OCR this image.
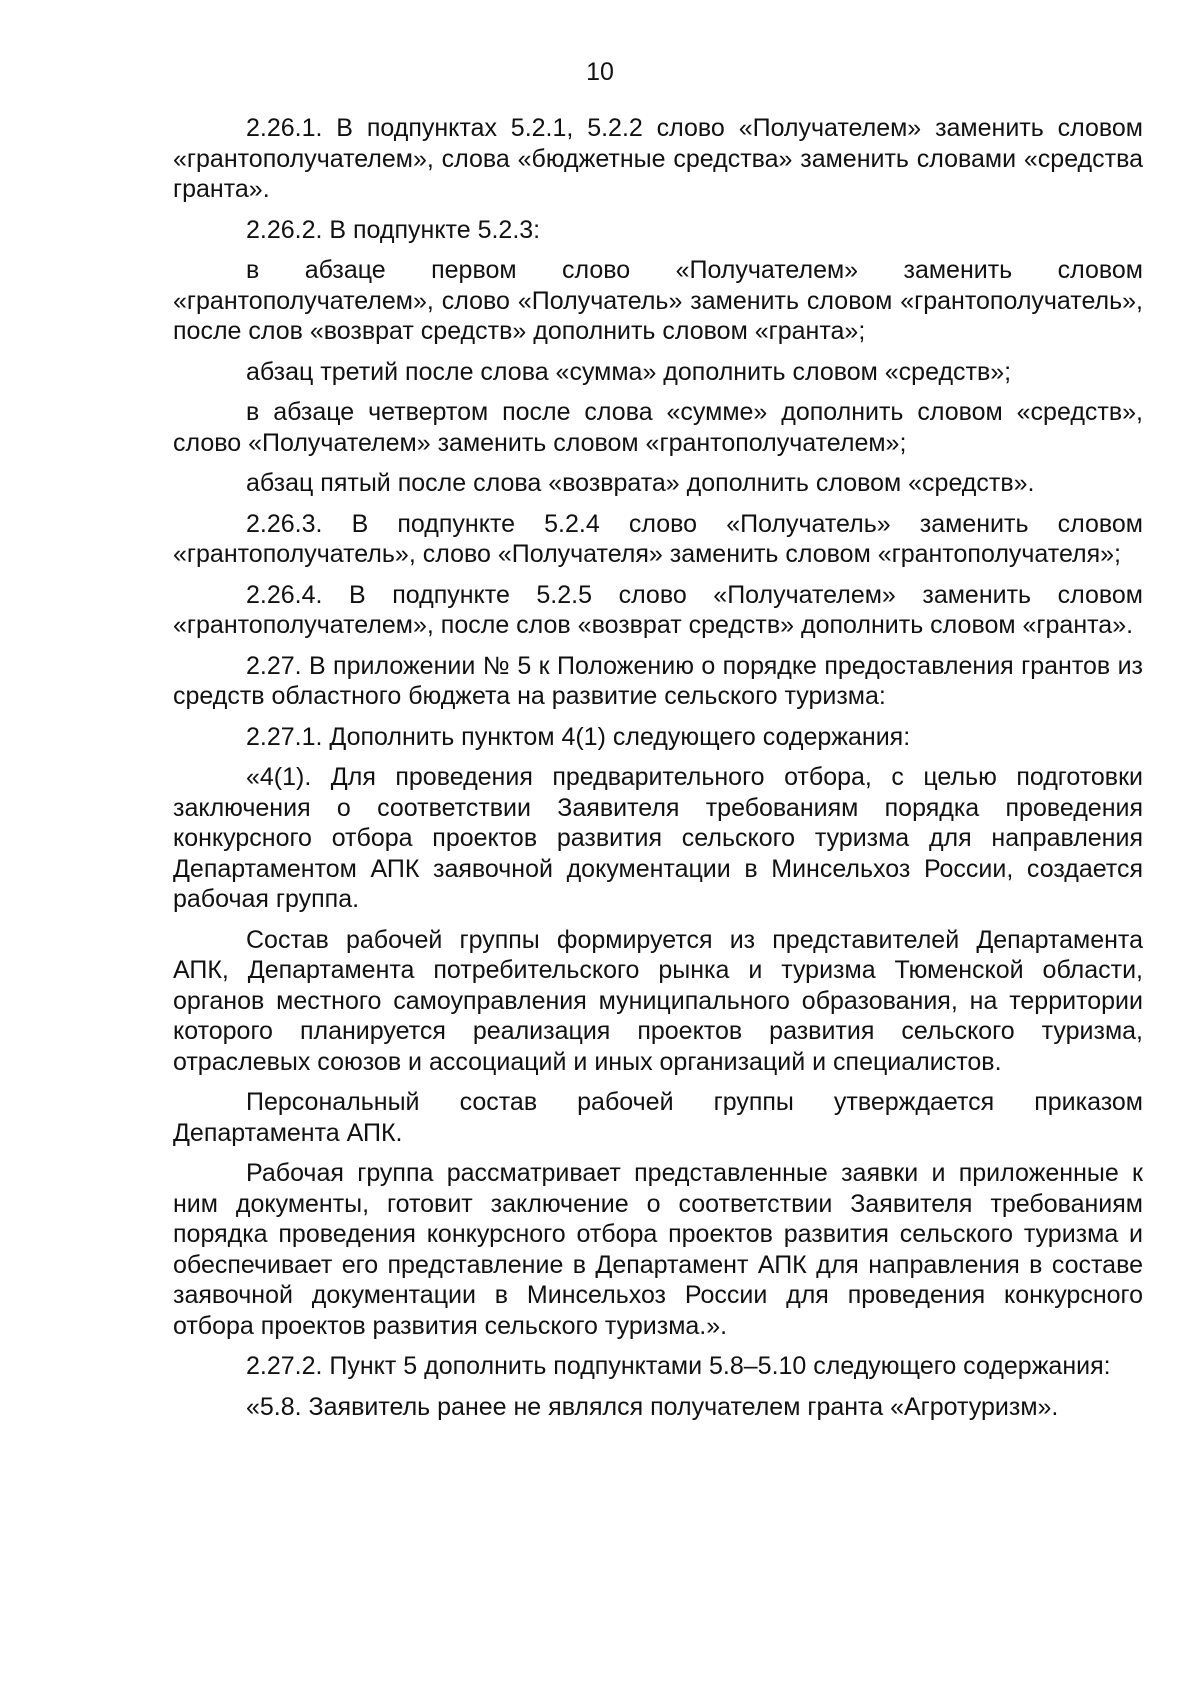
10

2.26.1. В подпунктах 5.2.1, 5.2.2 слово «Получателем» заменить словом «грантополучателем», слова «бюджетные средства» заменить словами «средства гранта».

2.26.2. В подпункте 5.2.3:

в абзаце первом слово «Получателем» заменить словом «грантополучателем», слово «Получатель» заменить словом «грантополучатель», после слов «возврат средств» дополнить словом «гранта»;

абзац третий после слова «сумма» дополнить словом «средств»;

в абзаце четвертом после слова «сумме» дополнить словом «средств», слово «Получателем» заменить словом «грантополучателем»;

абзац пятый после слова «возврата» дополнить словом «средств».

2.26.3. В подпункте 5.2.4 слово «Получатель» заменить словом «грантополучатель», слово «Получателя» заменить словом «грантополучателя»;

2.26.4. В подпункте 5.2.5 слово «Получателем» заменить словом «грантополучателем», после слов «возврат средств» дополнить словом «гранта».

2.27. В приложении № 5 к Положению о порядке предоставления грантов из средств областного бюджета на развитие сельского туризма:

2.27.1. Дополнить пунктом 4(1) следующего содержания:

«4(1). Для проведения предварительного отбора, с целью подготовки заключения о соответствии Заявителя требованиям порядка проведения конкурсного отбора проектов развития сельского туризма для направления Департаментом АПК заявочной документации в Минсельхоз России, создается рабочая группа.

Состав рабочей группы формируется из представителей Департамента АПК, Департамента потребительского рынка и туризма Тюменской области, органов местного самоуправления муниципального образования, на территории которого планируется реализация проектов развития сельского туризма, отраслевых союзов и ассоциаций и иных организаций и специалистов.

Персональный состав рабочей группы утверждается приказом Департамента АПК.

Рабочая группа рассматривает представленные заявки и приложенные к ним документы, готовит заключение о соответствии Заявителя требованиям порядка проведения конкурсного отбора проектов развития сельского туризма и обеспечивает его представление в Департамент АПК для направления в составе заявочной документации в Минсельхоз России для проведения конкурсного отбора проектов развития сельского туризма.».

2.27.2. Пункт 5 дополнить подпунктами 5.8–5.10 следующего содержания:

«5.8. Заявитель ранее не являлся получателем гранта «Агротуризм».
